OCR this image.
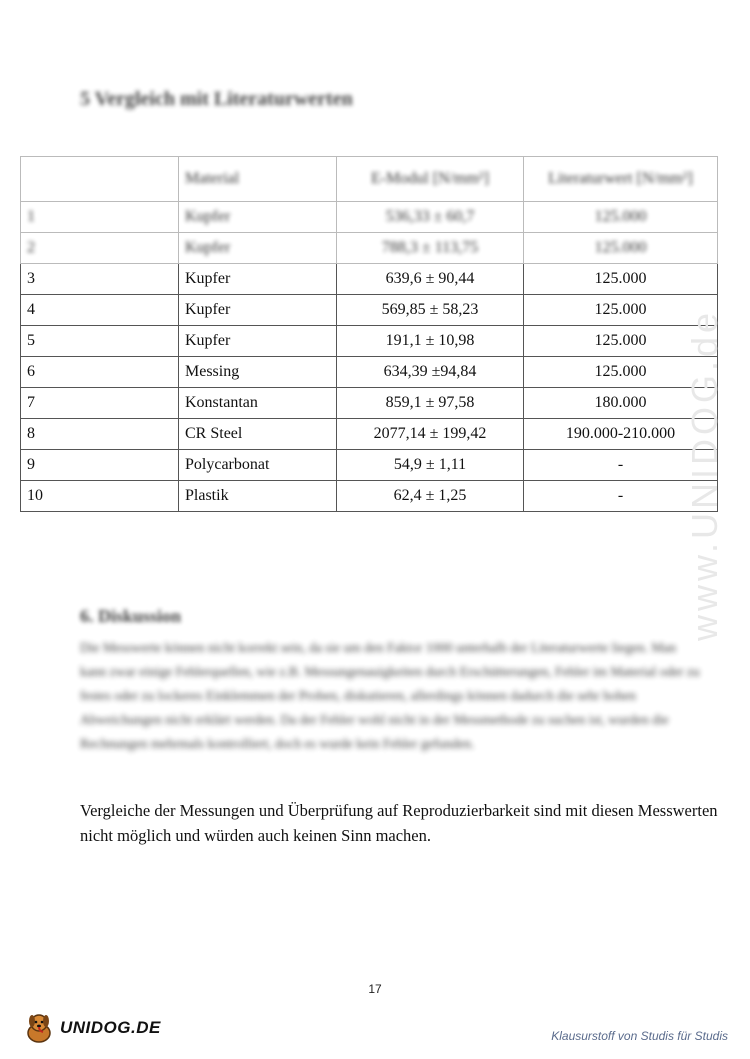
5 Vergleich mit Literaturwerten
	Material	E-Modul [N/mm²]	Literaturwert [N/mm²]
1	Kupfer	536,33 ± 60,7	125.000
2	Kupfer	788,3 ± 113,75	125.000
3	Kupfer	639,6 ± 90,44	125.000
4	Kupfer	569,85 ± 58,23	125.000
5	Kupfer	191,1 ± 10,98	125.000
6	Messing	634,39 ±94,84	125.000
7	Konstantan	859,1 ± 97,58	180.000
8	CR Steel	2077,14 ± 199,42	190.000-210.000
9	Polycarbonat	54,9 ± 1,11	-
10	Plastik	62,4 ± 1,25	-
6. Diskussion
Die Messwerte können nicht korrekt sein, da sie um den Faktor 1000 unterhalb der Literaturwerte liegen. Man kann zwar einige Fehlerquellen, wie z.B. Messungenauigkeiten durch Erschütterungen, Fehler im Material oder zu festes oder zu lockeres Einklemmen der Proben, diskutieren, allerdings können dadurch die sehr hohen Abweichungen nicht erklärt werden. Da der Fehler wohl nicht in der Messmethode zu suchen ist, wurden die Rechnungen mehrmals kontrolliert, doch es wurde kein Fehler gefunden.
Vergleiche der Messungen und Überprüfung auf Reproduzierbarkeit sind mit diesen Messwerten nicht möglich und würden auch keinen Sinn machen.
17
www.UNIDOG.de
UNIDOG.DE	Klausurstoff von Studis für Studis
